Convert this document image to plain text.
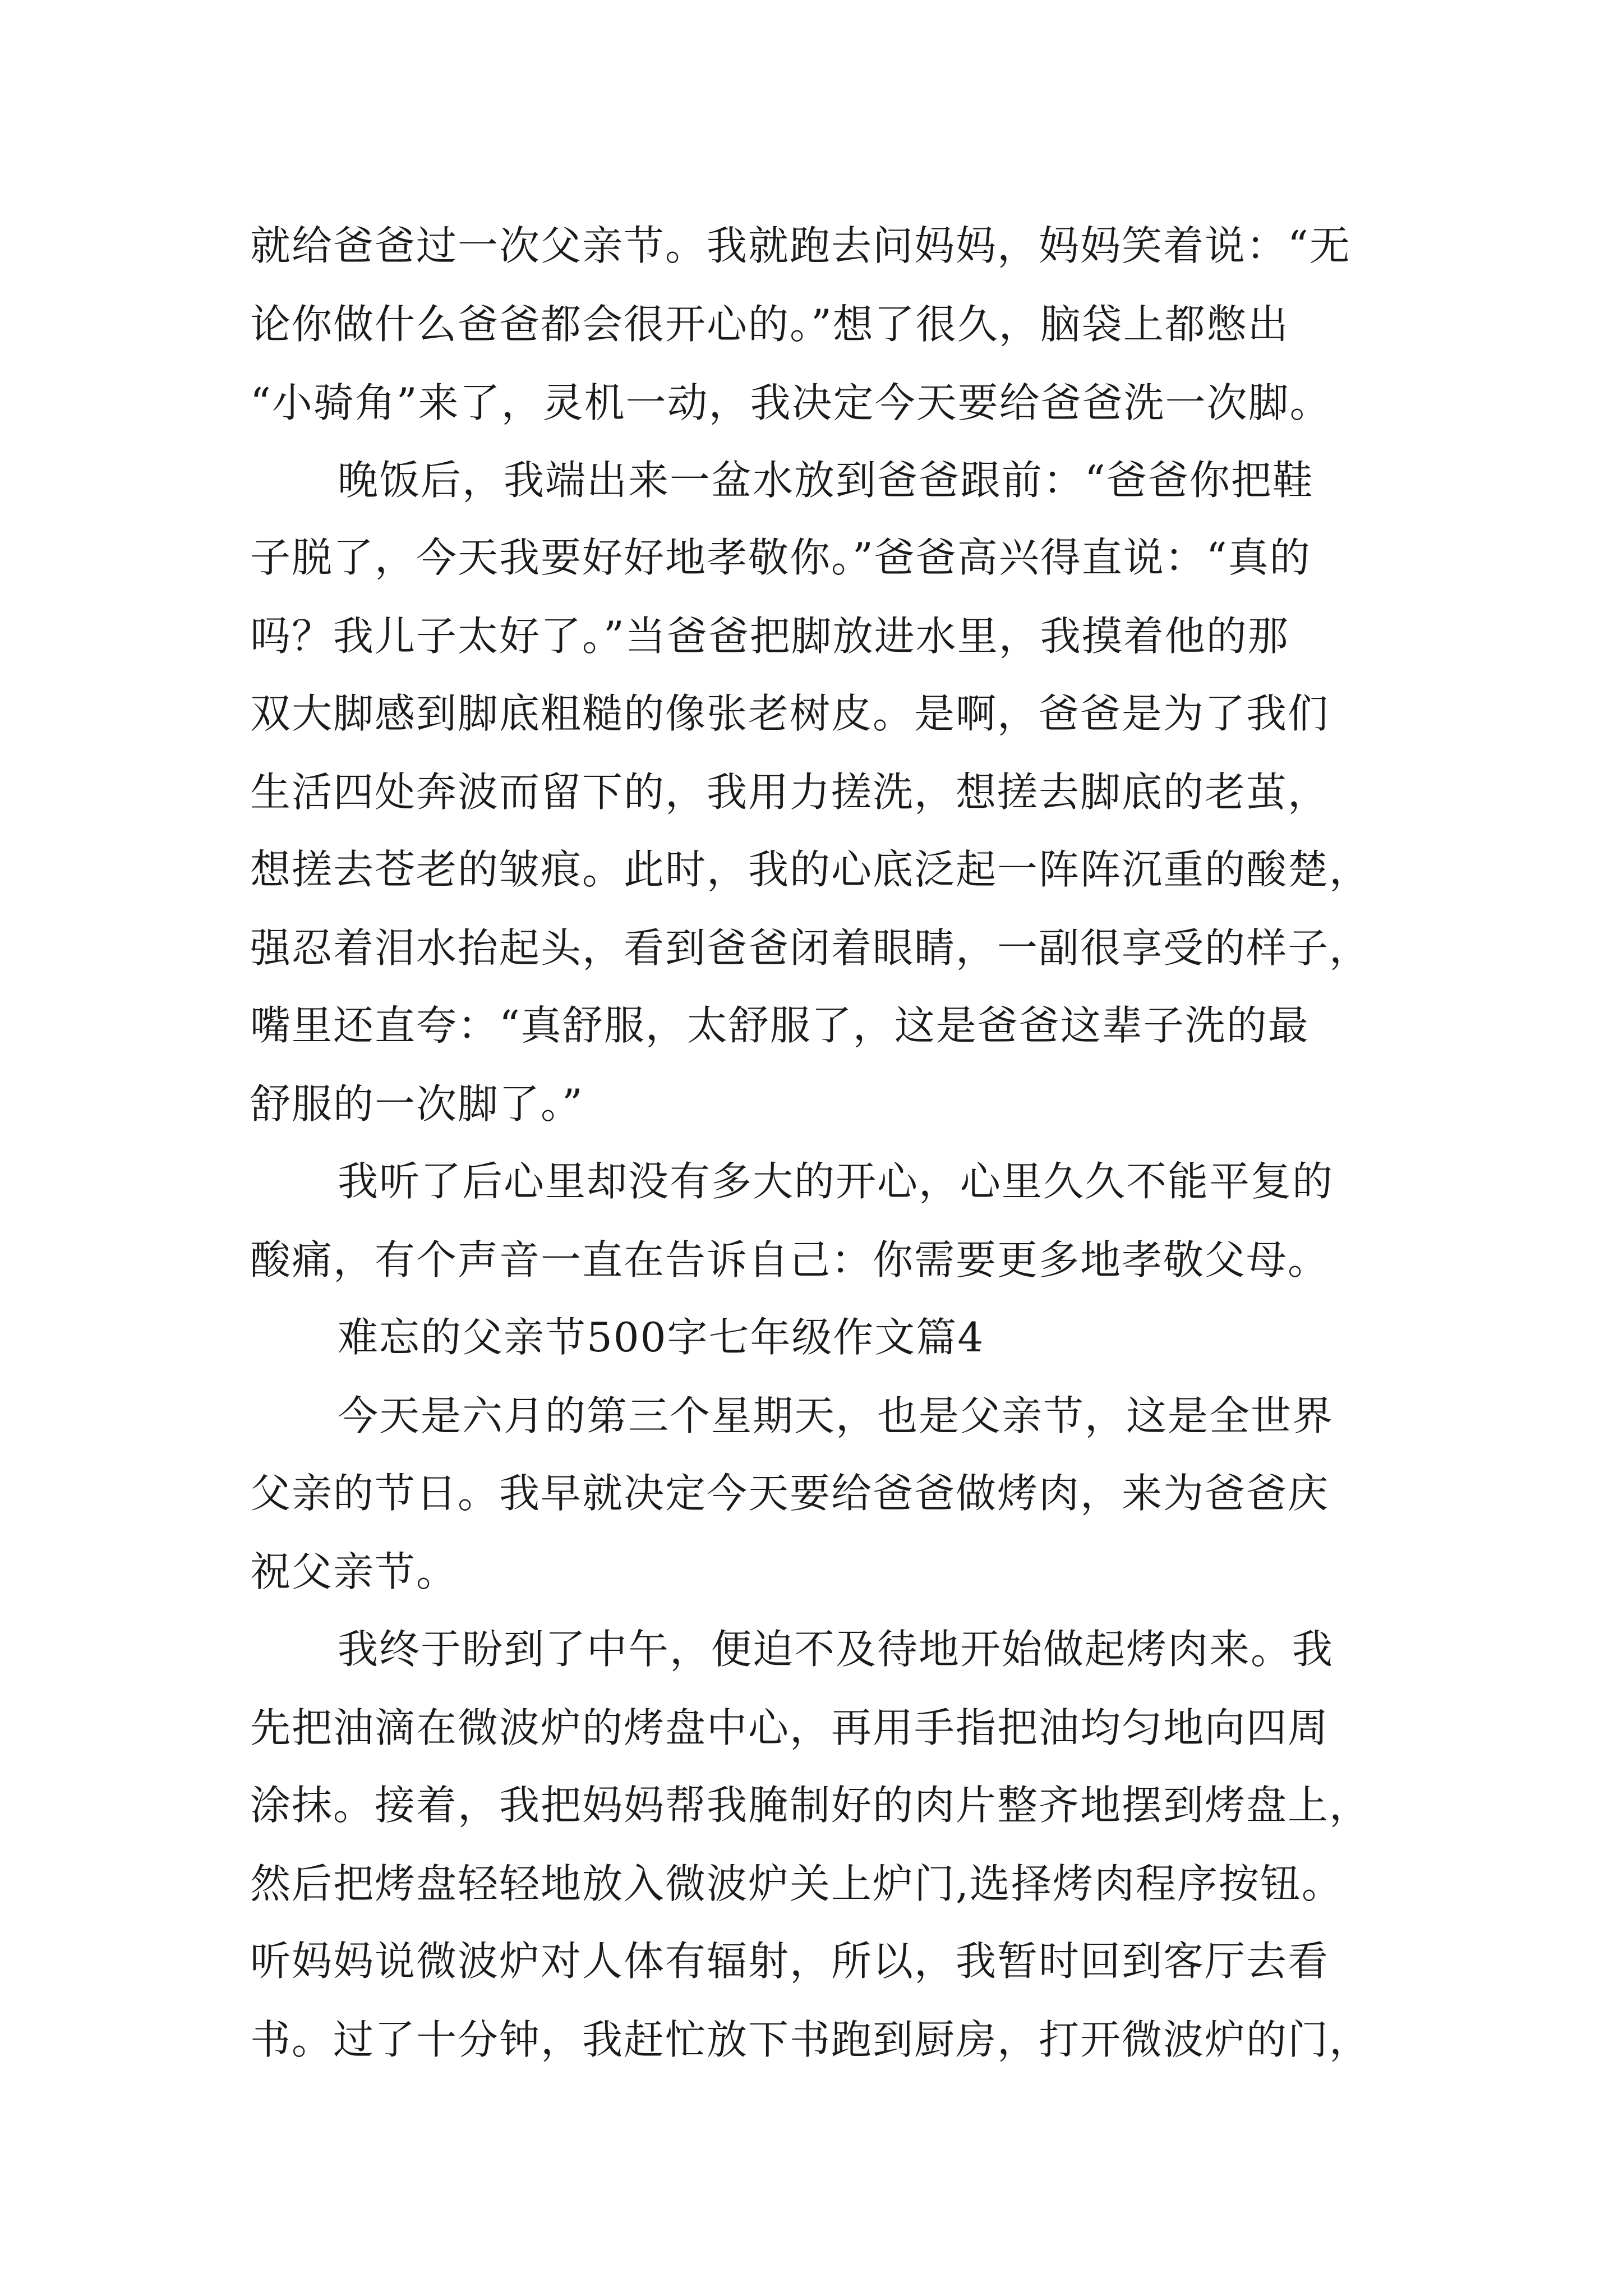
就给爸爸过一次父亲节。我就跑去问妈妈，妈妈笑着说：“无
论你做什么爸爸都会很开心的。”想了很久，脑袋上都憋出
“小骑角”来了，灵机一动，我决定今天要给爸爸洗一次脚。
晚饭后，我端出来一盆水放到爸爸跟前：“爸爸你把鞋
子脱了，今天我要好好地孝敬你。”爸爸高兴得直说：“真的
吗？我儿子太好了。”当爸爸把脚放进水里，我摸着他的那
双大脚感到脚底粗糙的像张老树皮。是啊，爸爸是为了我们
生活四处奔波而留下的，我用力搓洗，想搓去脚底的老茧，
想搓去苍老的皱痕。此时，我的心底泛起一阵阵沉重的酸楚，
强忍着泪水抬起头，看到爸爸闭着眼睛，一副很享受的样子，
嘴里还直夸：“真舒服，太舒服了，这是爸爸这辈子洗的最
舒服的一次脚了。”
我听了后心里却没有多大的开心，心里久久不能平复的
酸痛，有个声音一直在告诉自己：你需要更多地孝敬父母。
难忘的父亲节500字七年级作文篇4
今天是六月的第三个星期天，也是父亲节，这是全世界
父亲的节日。我早就决定今天要给爸爸做烤肉，来为爸爸庆
祝父亲节。
我终于盼到了中午，便迫不及待地开始做起烤肉来。我
先把油滴在微波炉的烤盘中心，再用手指把油均匀地向四周
涂抹。接着，我把妈妈帮我腌制好的肉片整齐地摆到烤盘上，
然后把烤盘轻轻地放入微波炉关上炉门,选择烤肉程序按钮。
听妈妈说微波炉对人体有辐射，所以，我暂时回到客厅去看
书。过了十分钟，我赶忙放下书跑到厨房，打开微波炉的门，
